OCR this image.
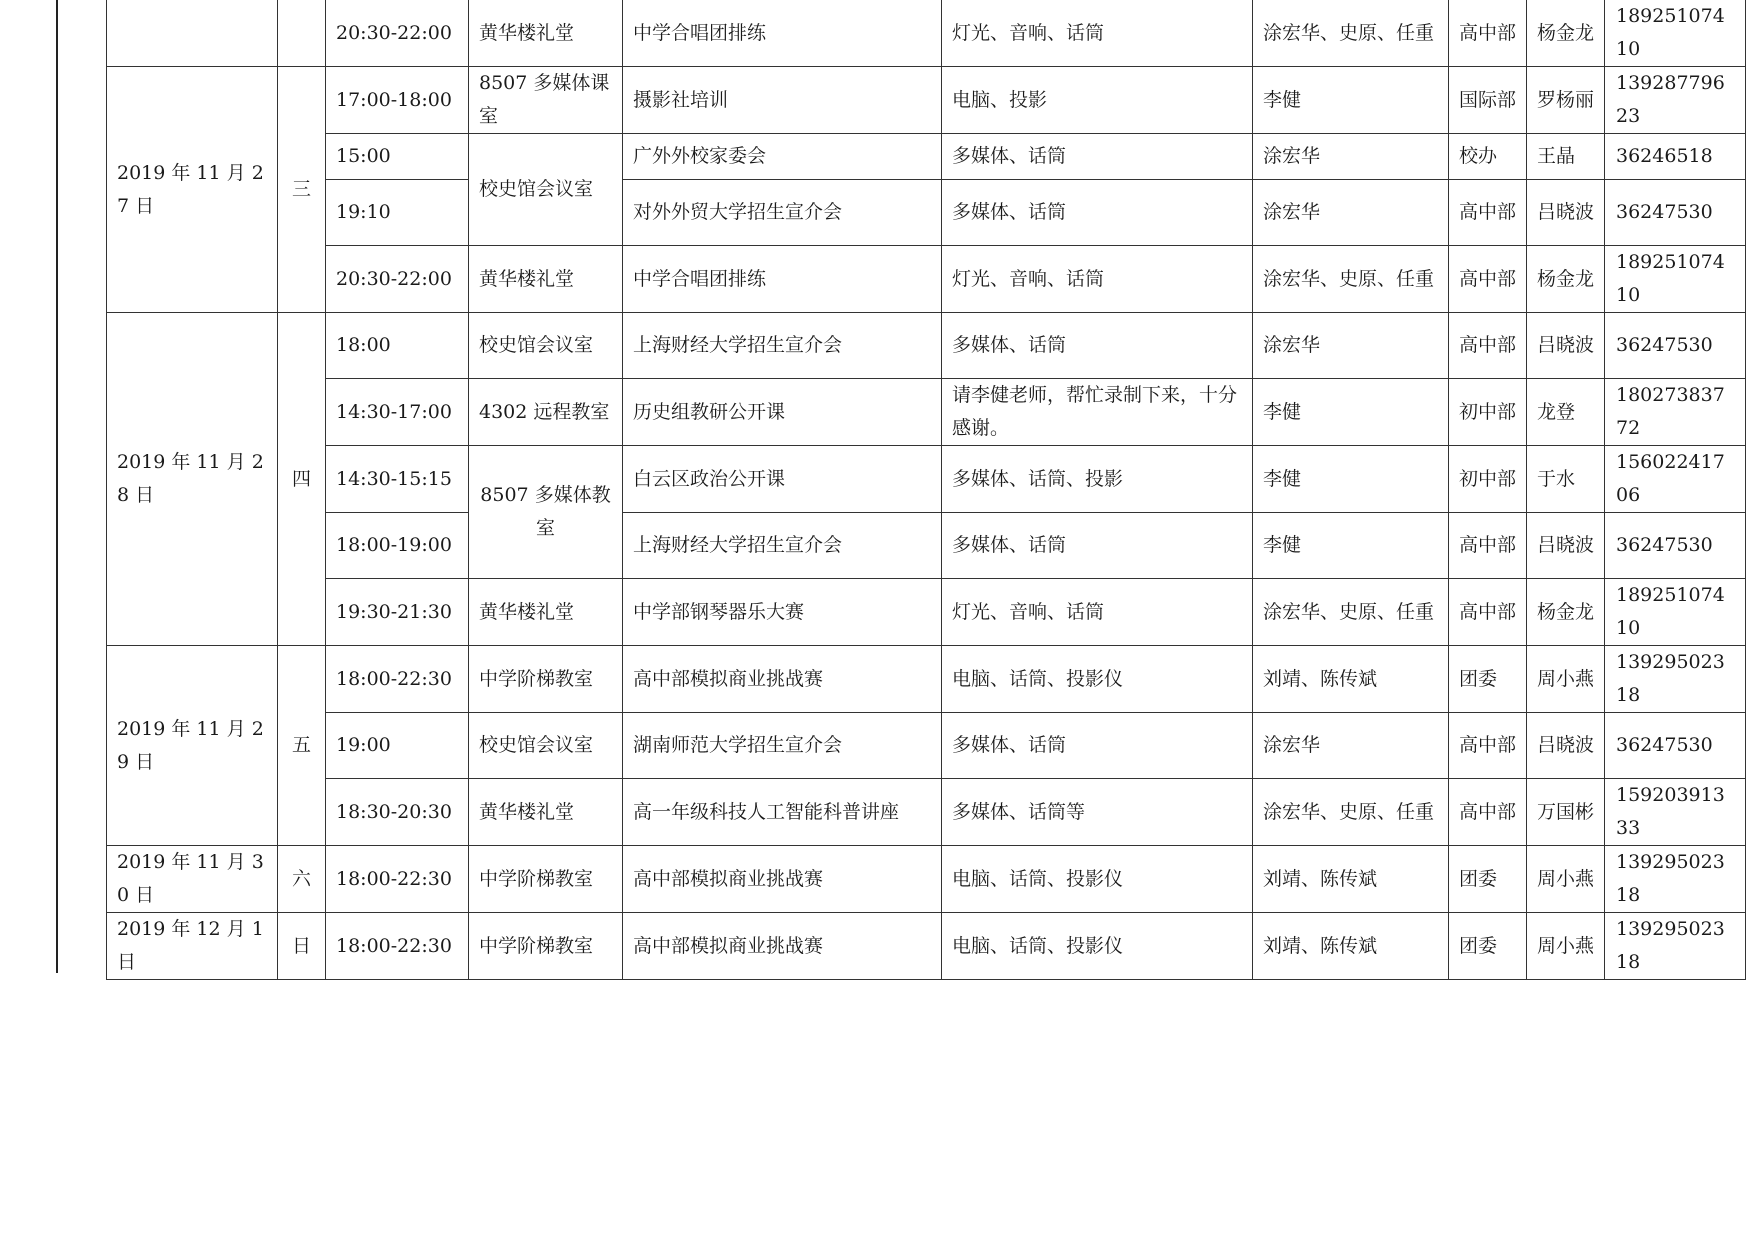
		20:30-22:00	黄华楼礼堂	中学合唱团排练	灯光、音响、话筒	涂宏华、史原、任重	高中部	杨金龙	18925107410
2019 年 11 月 27 日	三	17:00-18:00	8507 多媒体课室	摄影社培训	电脑、投影	李健	国际部	罗杨丽	13928779623
		15:00	校史馆会议室	广外外校家委会	多媒体、话筒	涂宏华	校办	王晶	36246518
		19:10		对外外贸大学招生宣介会	多媒体、话筒	涂宏华	高中部	吕晓波	36247530
		20:30-22:00	黄华楼礼堂	中学合唱团排练	灯光、音响、话筒	涂宏华、史原、任重	高中部	杨金龙	18925107410
2019 年 11 月 28 日	四	18:00	校史馆会议室	上海财经大学招生宣介会	多媒体、话筒	涂宏华	高中部	吕晓波	36247530
		14:30-17:00	4302 远程教室	历史组教研公开课	请李健老师，帮忙录制下来，十分感谢。	李健	初中部	龙登	18027383772
		14:30-15:15	8507 多媒体教室	白云区政治公开课	多媒体、话筒、投影	李健	初中部	于水	15602241706
		18:00-19:00		上海财经大学招生宣介会	多媒体、话筒	李健	高中部	吕晓波	36247530
		19:30-21:30	黄华楼礼堂	中学部钢琴器乐大赛	灯光、音响、话筒	涂宏华、史原、任重	高中部	杨金龙	18925107410
2019 年 11 月 29 日	五	18:00-22:30	中学阶梯教室	高中部模拟商业挑战赛	电脑、话筒、投影仪	刘靖、陈传斌	团委	周小燕	13929502318
		19:00	校史馆会议室	湖南师范大学招生宣介会	多媒体、话筒	涂宏华	高中部	吕晓波	36247530
		18:30-20:30	黄华楼礼堂	高一年级科技人工智能科普讲座	多媒体、话筒等	涂宏华、史原、任重	高中部	万国彬	15920391333
2019 年 11 月 30 日	六	18:00-22:30	中学阶梯教室	高中部模拟商业挑战赛	电脑、话筒、投影仪	刘靖、陈传斌	团委	周小燕	13929502318
2019 年 12 月 1 日	日	18:00-22:30	中学阶梯教室	高中部模拟商业挑战赛	电脑、话筒、投影仪	刘靖、陈传斌	团委	周小燕	13929502318
